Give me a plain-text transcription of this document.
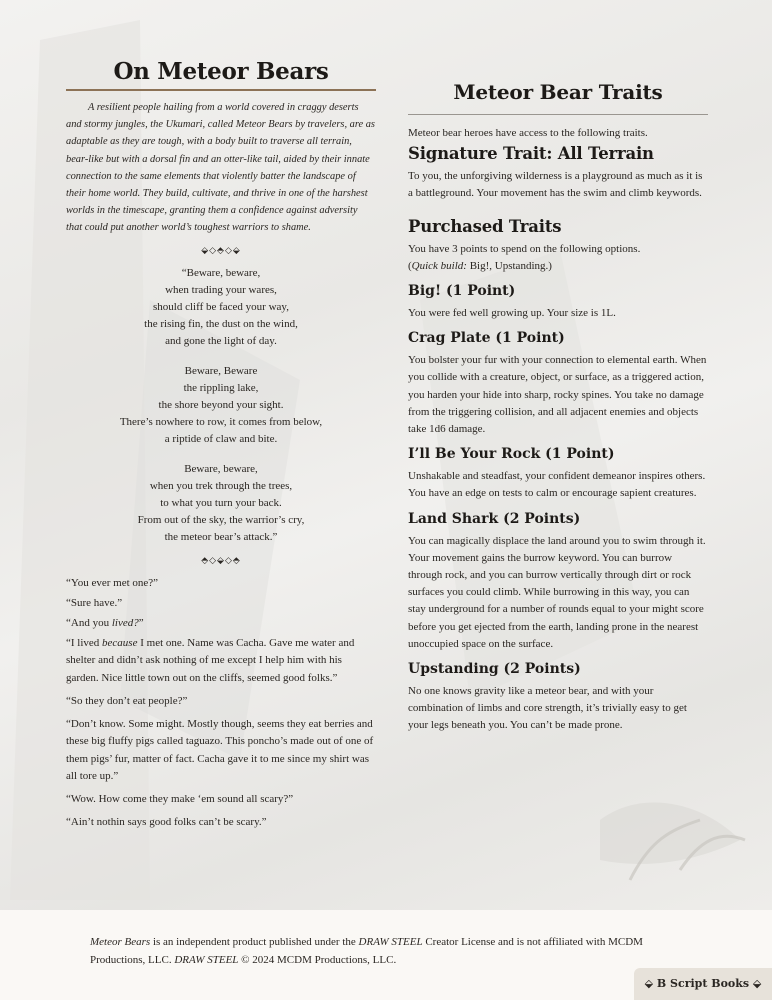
On Meteor Bears

A resilient people hailing from a world covered in craggy deserts and stormy jungles, the Ukumari, called Meteor Bears by travelers, are as adaptable as they are tough, with a body built to traverse all terrain, bear-like but with a dorsal fin and an otter-like tail, aided by their innate connection to the same elements that violently batter the landscape of their home world. They build, cultivate, and thrive in one of the harshest worlds in the timescape, granting them a confidence against adversity that could put another world’s toughest warriors to shame.

⬙◇⬘◇⬙
“Beware, beware,
when trading your wares,
should cliff be faced your way,
the rising fin, the dust on the wind,
and gone the light of day.
Beware, Beware
the rippling lake,
the shore beyond your sight.
There’s nowhere to row, it comes from below,
a riptide of claw and bite.
Beware, beware,
when you trek through the trees,
to what you turn your back.
From out of the sky, the warrior’s cry,
the meteor bear’s attack.”
⬘◇⬙◇⬘

“You ever met one?”

“Sure have.”

“And you lived?”

“I lived because I met one. Name was Cacha. Gave me water and shelter and didn’t ask nothing of me except I help him with his garden. Nice little town out on the cliffs, seemed good folks.”

“So they don’t eat people?”

“Don’t know. Some might. Mostly though, seems they eat berries and these big fluffy pigs called taguazo. This poncho’s made out of one of them pigs’ fur, matter of fact. Cacha gave it to me since my shirt was all tore up.”

“Wow. How come they make ‘em sound all scary?”

“Ain’t nothin says good folks can’t be scary.”

Meteor Bear Traits

Meteor bear heroes have access to the following traits.

Signature Trait: All Terrain

To you, the unforgiving wilderness is a playground as much as it is a battleground. Your movement has the swim and climb keywords.

Purchased Traits

You have 3 points to spend on the following options.
(Quick build: Big!, Upstanding.)

Big! (1 Point)

You were fed well growing up. Your size is 1L.

Crag Plate (1 Point)

You bolster your fur with your connection to elemental earth. When you collide with a creature, object, or surface, as a triggered action, you harden your hide into sharp, rocky spines. You take no damage from the triggering collision, and all adjacent enemies and objects take 1d6 damage.

I’ll Be Your Rock (1 Point)

Unshakable and steadfast, your confident demeanor inspires others. You have an edge on tests to calm or encourage sapient creatures.

Land Shark (2 Points)

You can magically displace the land around you to swim through it. Your movement gains the burrow keyword. You can burrow through rock, and you can burrow vertically through dirt or rock surfaces you could climb. While burrowing in this way, you can stay underground for a number of rounds equal to your might score before you get ejected from the earth, landing prone in the nearest unoccupied space on the surface.

Upstanding (2 Points)

No one knows gravity like a meteor bear, and with your combination of limbs and core strength, it’s trivially easy to get your legs beneath you. You can’t be made prone.

Meteor Bears is an independent product published under the DRAW STEEL Creator License and is not affiliated with MCDM Productions, LLC. DRAW STEEL © 2024 MCDM Productions, LLC.
⬙ B Script Books ⬙
